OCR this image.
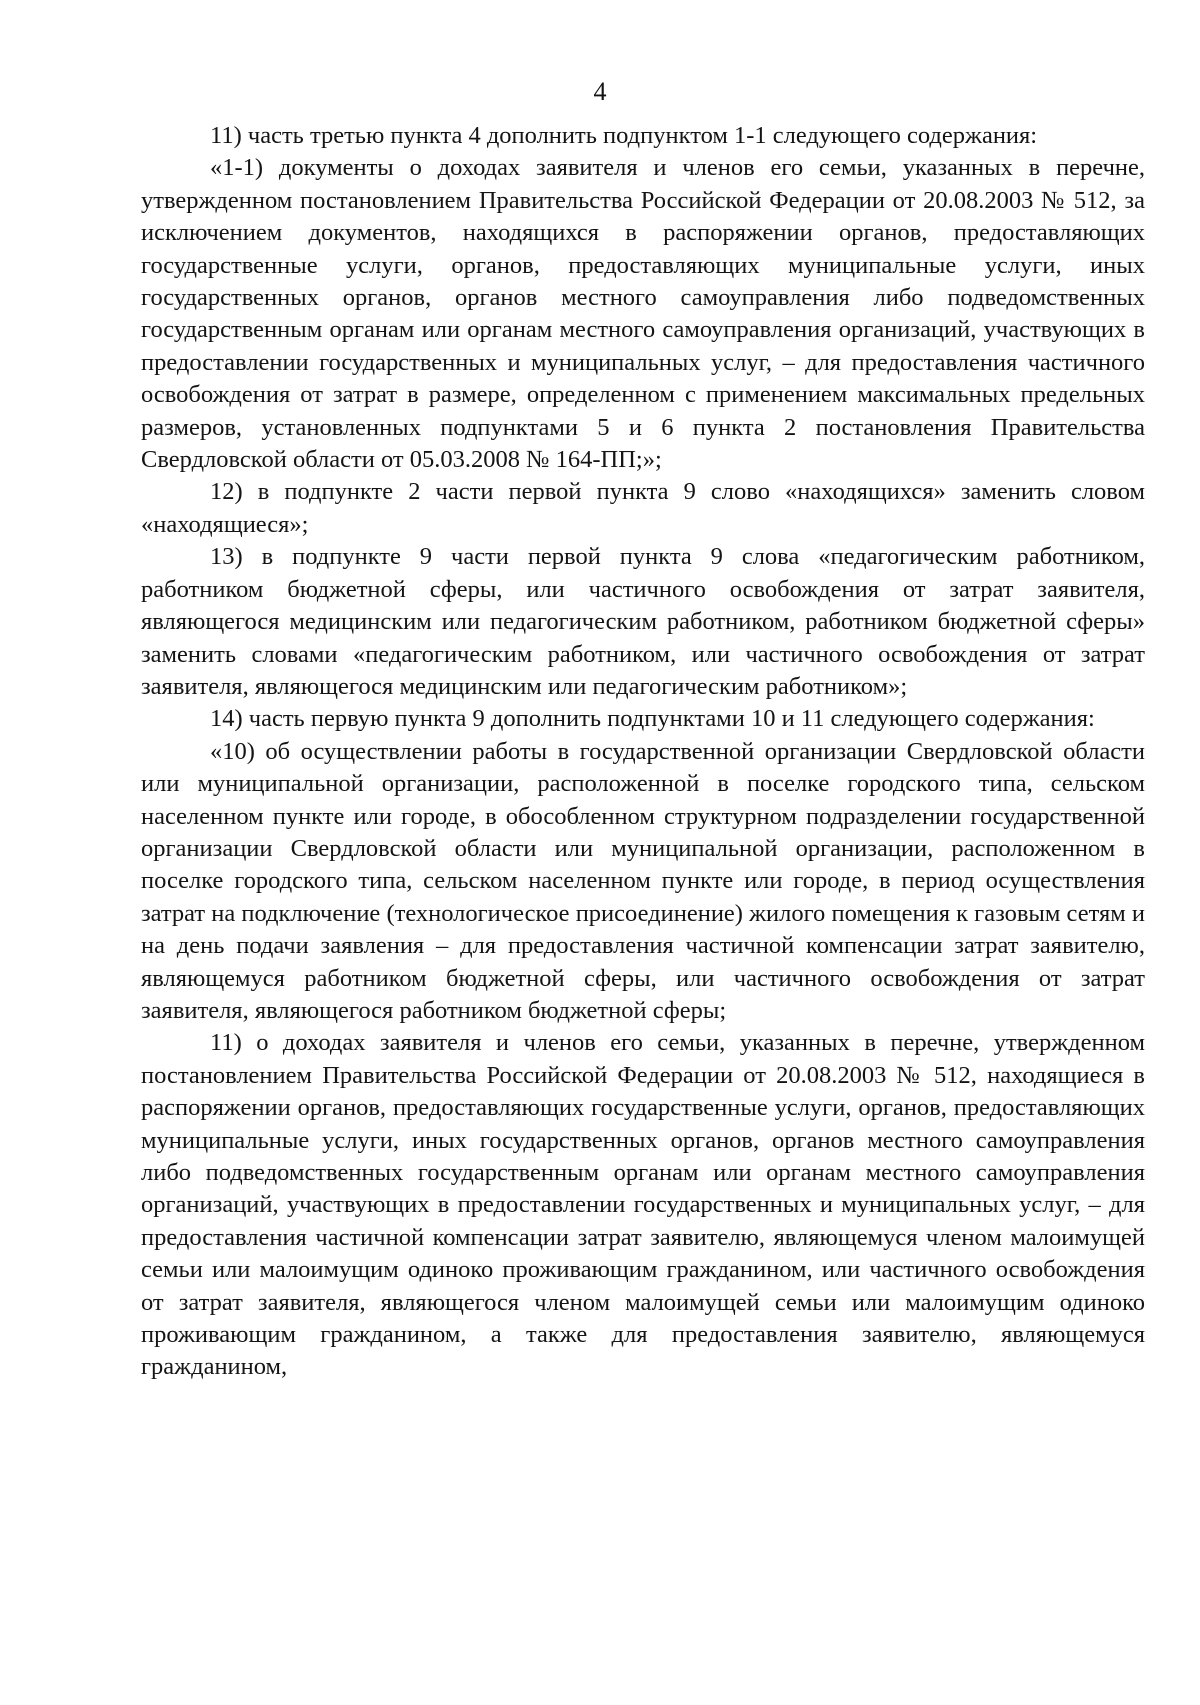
4

11) часть третью пункта 4 дополнить подпунктом 1-1 следующего содержания:

«1-1) документы о доходах заявителя и членов его семьи, указанных в перечне, утвержденном постановлением Правительства Российской Федерации от 20.08.2003 № 512, за исключением документов, находящихся в распоряжении органов, предоставляющих государственные услуги, органов, предоставляющих муниципальные услуги, иных государственных органов, органов местного самоуправления либо подведомственных государственным органам или органам местного самоуправления организаций, участвующих в предоставлении государственных и муниципальных услуг, – для предоставления частичного освобождения от затрат в размере, определенном с применением максимальных предельных размеров, установленных подпунктами 5 и 6 пункта 2 постановления Правительства Свердловской области от 05.03.2008 № 164-ПП;»;

12) в подпункте 2 части первой пункта 9 слово «находящихся» заменить словом «находящиеся»;

13) в подпункте 9 части первой пункта 9 слова «педагогическим работником, работником бюджетной сферы, или частичного освобождения от затрат заявителя, являющегося медицинским или педагогическим работником, работником бюджетной сферы» заменить словами «педагогическим работником, или частичного освобождения от затрат заявителя, являющегося медицинским или педагогическим работником»;

14) часть первую пункта 9 дополнить подпунктами 10 и 11 следующего содержания:

«10) об осуществлении работы в государственной организации Свердловской области или муниципальной организации, расположенной в поселке городского типа, сельском населенном пункте или городе, в обособленном структурном подразделении государственной организации Свердловской области или муниципальной организации, расположенном в поселке городского типа, сельском населенном пункте или городе, в период осуществления затрат на подключение (технологическое присоединение) жилого помещения к газовым сетям и на день подачи заявления – для предоставления частичной компенсации затрат заявителю, являющемуся работником бюджетной сферы, или частичного освобождения от затрат заявителя, являющегося работником бюджетной сферы;

11) о доходах заявителя и членов его семьи, указанных в перечне, утвержденном постановлением Правительства Российской Федерации от 20.08.2003 № 512, находящиеся в распоряжении органов, предоставляющих государственные услуги, органов, предоставляющих муниципальные услуги, иных государственных органов, органов местного самоуправления либо подведомственных государственным органам или органам местного самоуправления организаций, участвующих в предоставлении государственных и муниципальных услуг, – для предоставления частичной компенсации затрат заявителю, являющемуся членом малоимущей семьи или малоимущим одиноко проживающим гражданином, или частичного освобождения от затрат заявителя, являющегося членом малоимущей семьи или малоимущим одиноко проживающим гражданином, а также для предоставления заявителю, являющемуся гражданином,
